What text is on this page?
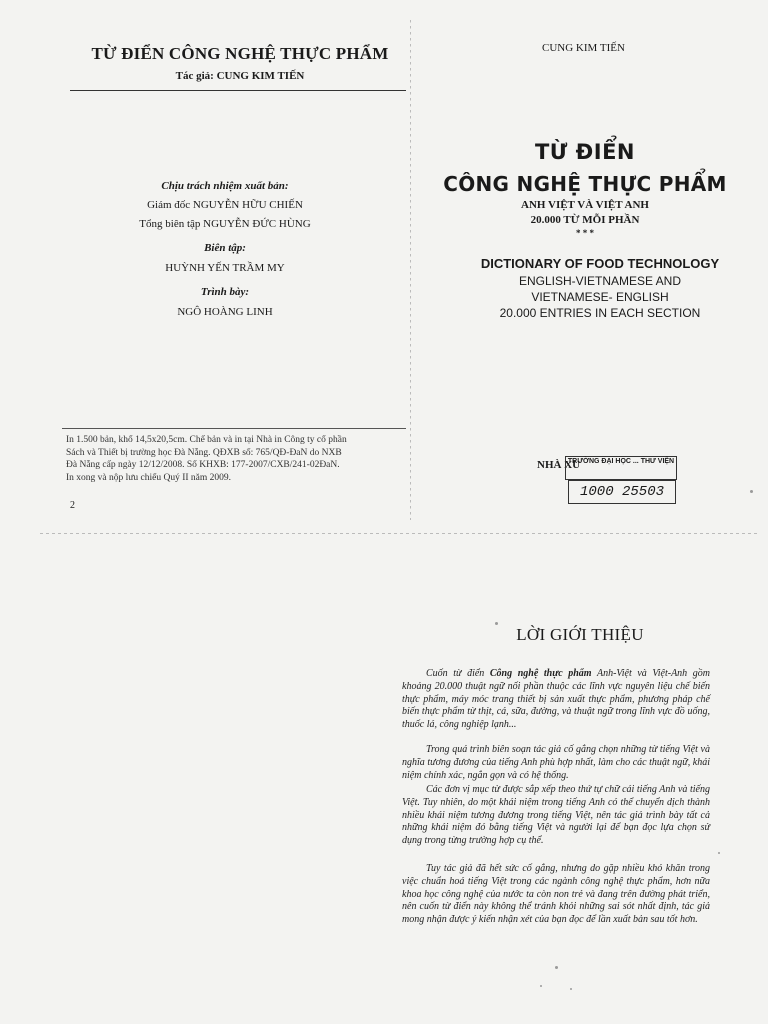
TỪ ĐIỂN CÔNG NGHỆ THỰC PHẨM
Tác giả: CUNG KIM TIẾN
Chịu trách nhiệm xuất bản:
Giám đốc NGUYỄN HỮU CHIẾN
Tổng biên tập NGUYỄN ĐỨC HÙNG
Biên tập:
HUỲNH YẾN TRẦM MY
Trình bày:
NGÔ HOÀNG LINH
In 1.500 bản, khổ 14,5x20,5cm. Chế bản và in tại Nhà in Công ty cổ phần
Sách và Thiết bị trường học Đà Nẵng. QĐXB số: 765/QĐ-ĐaN do NXB
Đà Nẵng cấp ngày 12/12/2008. Số KHXB: 177-2007/CXB/241-02ĐaN.
In xong và nộp lưu chiểu Quý II năm 2009.
2
CUNG KIM TIẾN
TỪ ĐIỂN
CÔNG NGHỆ THỰC PHẨM
ANH VIỆT VÀ VIỆT ANH
20.000 TỪ MỖI PHẦN
* * *
DICTIONARY OF FOOD TECHNOLOGY
ENGLISH-VIETNAMESE AND
VIETNAMESE- ENGLISH
20.000 ENTRIES IN EACH SECTION
NHÀ XU
TRƯỜNG ĐẠI HỌC ... THƯ VIỆN
1000 25503
LỜI GIỚI THIỆU
Cuốn từ điển Công nghệ thực phẩm Anh-Việt và Việt-Anh gồm khoảng 20.000 thuật ngữ nối phần thuộc các lĩnh vực nguyên liệu chế biến thực phẩm, máy móc trang thiết bị sản xuất thực phẩm, phương pháp chế biến thực phẩm từ thịt, cá, sữa, đường, và thuật ngữ trong lĩnh vực đồ uống, thuốc lá, công nghiệp lạnh...
Trong quá trình biên soạn tác giả cố gắng chọn những từ tiếng Việt và nghĩa tương đương của tiếng Anh phù hợp nhất, làm cho các thuật ngữ, khái niệm chính xác, ngắn gọn và có hệ thống.
Các đơn vị mục từ được sắp xếp theo thứ tự chữ cái tiếng Anh và tiếng Việt. Tuy nhiên, do một khái niệm trong tiếng Anh có thể chuyển dịch thành nhiều khái niệm tương đương trong tiếng Việt, nên tác giả trình bày tất cả những khái niệm đó bằng tiếng Việt và người lại để bạn đọc lựa chọn sử dụng trong từng trường hợp cụ thể.
Tuy tác giả đã hết sức cố gắng, nhưng do gặp nhiều khó khăn trong việc chuẩn hoá tiếng Việt trong các ngành công nghệ thực phẩm, hơn nữa khoa học công nghệ của nước ta còn non trẻ và đang trên đường phát triển, nên cuốn từ điển này không thể tránh khỏi những sai sót nhất định, tác giả mong nhận được ý kiến nhận xét của bạn đọc để lần xuất bản sau tốt hơn.
